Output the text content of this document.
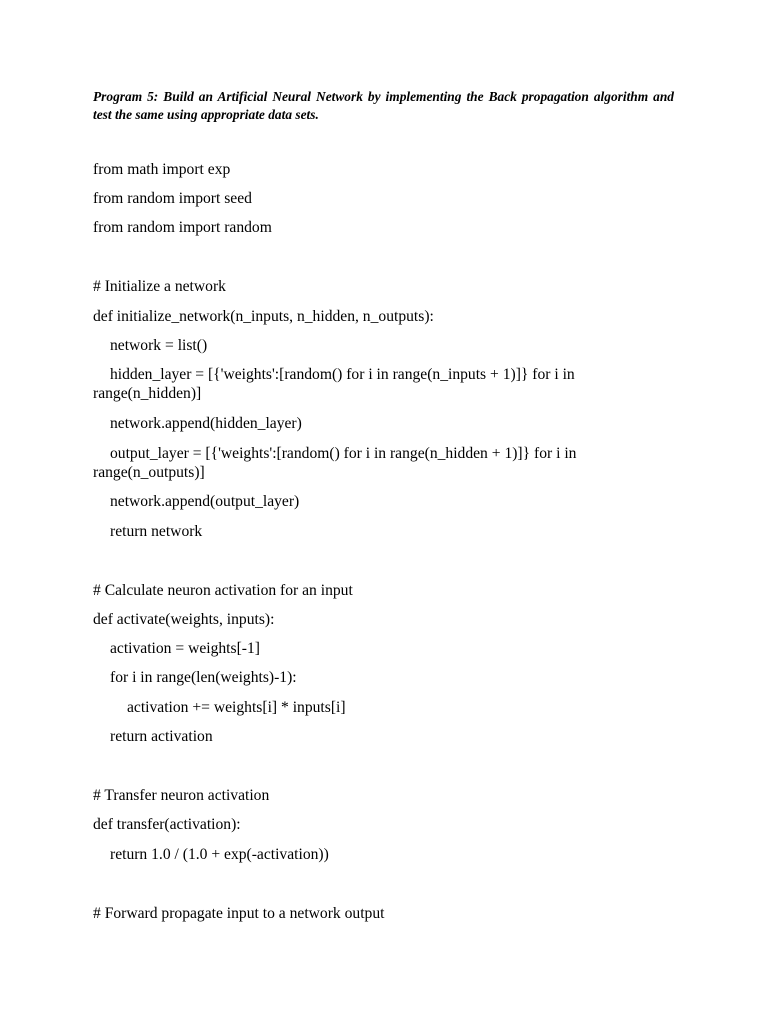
Program 5: Build an Artificial Neural Network by implementing the Back propagation algorithm and test the same using appropriate data sets.

from math import exp
from random import seed
from random import random
# Initialize a network
def initialize_network(n_inputs, n_hidden, n_outputs):
network = list()
hidden_layer = [{'weights':[random() for i in range(n_inputs + 1)]} for i in range(n_hidden)]
network.append(hidden_layer)
output_layer = [{'weights':[random() for i in range(n_hidden + 1)]} for i in range(n_outputs)]
network.append(output_layer)
return network
# Calculate neuron activation for an input
def activate(weights, inputs):
activation = weights[-1]
for i in range(len(weights)-1):
activation += weights[i] * inputs[i]
return activation
# Transfer neuron activation
def transfer(activation):
return 1.0 / (1.0 + exp(-activation))
# Forward propagate input to a network output
